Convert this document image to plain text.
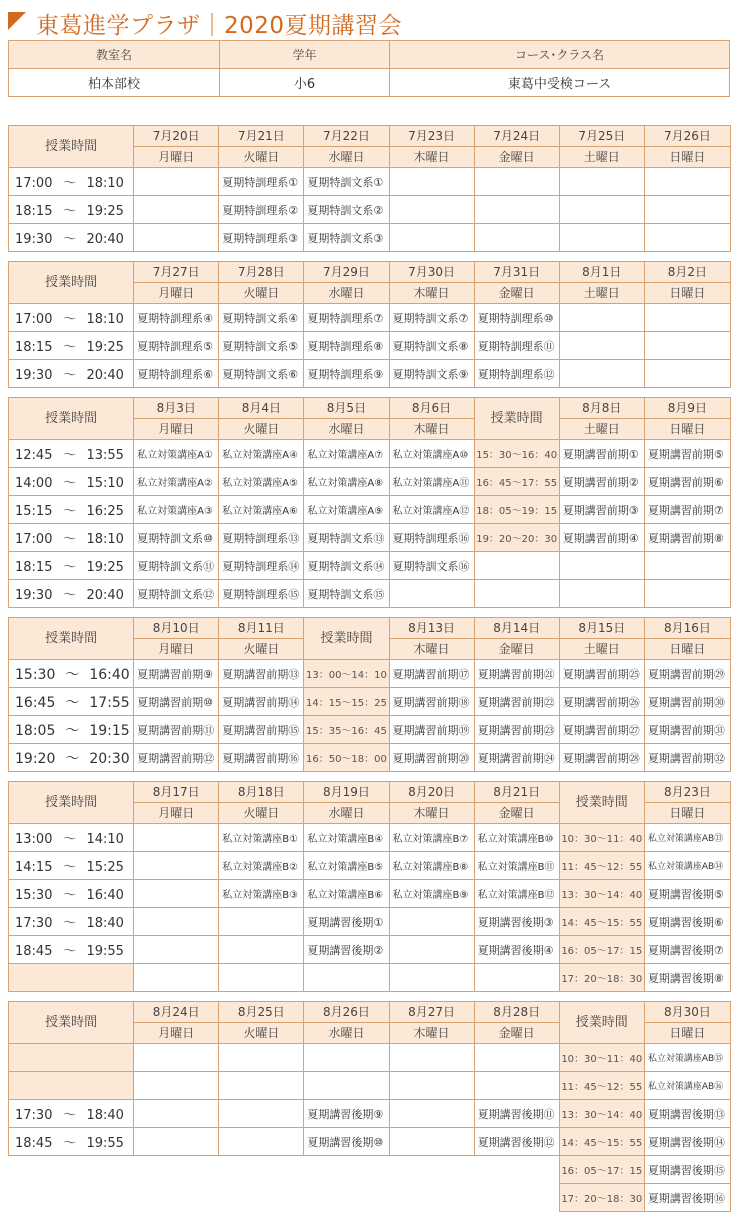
東葛進学プラザ｜2020夏期講習会
教室名	学年	コース･クラス名
柏本部校	小6	東葛中受検コース
授業時間	7月20日	7月21日	7月22日	7月23日	7月24日	7月25日	7月26日
	月曜日	火曜日	水曜日	木曜日	金曜日	土曜日	日曜日
17:00 ～ 18:10		夏期特訓理系①	夏期特訓文系①				
18:15 ～ 19:25		夏期特訓理系②	夏期特訓文系②				
19:30 ～ 20:40		夏期特訓理系③	夏期特訓文系③				
授業時間	7月27日	7月28日	7月29日	7月30日	7月31日	8月1日	8月2日
	月曜日	火曜日	水曜日	木曜日	金曜日	土曜日	日曜日
17:00 ～ 18:10	夏期特訓理系④	夏期特訓文系④	夏期特訓理系⑦	夏期特訓文系⑦	夏期特訓理系⑩		
18:15 ～ 19:25	夏期特訓理系⑤	夏期特訓文系⑤	夏期特訓理系⑧	夏期特訓文系⑧	夏期特訓理系⑪		
19:30 ～ 20:40	夏期特訓理系⑥	夏期特訓文系⑥	夏期特訓理系⑨	夏期特訓文系⑨	夏期特訓理系⑫		
授業時間	8月3日	8月4日	8月5日	8月6日	授業時間	8月8日	8月9日
	月曜日	火曜日	水曜日	木曜日		土曜日	日曜日
12:45 ～ 13:55	私立対策講座A①	私立対策講座A④	私立対策講座A⑦	私立対策講座A⑩	15：30～16：40	夏期講習前期①	夏期講習前期⑤
14:00 ～ 15:10	私立対策講座A②	私立対策講座A⑤	私立対策講座A⑧	私立対策講座A⑪	16：45～17：55	夏期講習前期②	夏期講習前期⑥
15:15 ～ 16:25	私立対策講座A③	私立対策講座A⑥	私立対策講座A⑨	私立対策講座A⑫	18：05～19：15	夏期講習前期③	夏期講習前期⑦
17:00 ～ 18:10	夏期特訓文系⑩	夏期特訓理系⑬	夏期特訓文系⑬	夏期特訓理系⑯	19：20～20：30	夏期講習前期④	夏期講習前期⑧
18:15 ～ 19:25	夏期特訓文系⑪	夏期特訓理系⑭	夏期特訓文系⑭	夏期特訓文系⑯			
19:30 ～ 20:40	夏期特訓文系⑫	夏期特訓理系⑮	夏期特訓文系⑮				
授業時間	8月10日	8月11日	授業時間	8月13日	8月14日	8月15日	8月16日
	月曜日	火曜日		木曜日	金曜日	土曜日	日曜日
15:30 ～ 16:40	夏期講習前期⑨	夏期講習前期⑬	13：00～14：10	夏期講習前期⑰	夏期講習前期㉑	夏期講習前期㉕	夏期講習前期㉙
16:45 ～ 17:55	夏期講習前期⑩	夏期講習前期⑭	14：15～15：25	夏期講習前期⑱	夏期講習前期㉒	夏期講習前期㉖	夏期講習前期㉚
18:05 ～ 19:15	夏期講習前期⑪	夏期講習前期⑮	15：35～16：45	夏期講習前期⑲	夏期講習前期㉓	夏期講習前期㉗	夏期講習前期㉛
19:20 ～ 20:30	夏期講習前期⑫	夏期講習前期⑯	16：50～18：00	夏期講習前期⑳	夏期講習前期㉔	夏期講習前期㉘	夏期講習前期㉜
授業時間	8月17日	8月18日	8月19日	8月20日	8月21日	授業時間	8月23日
	月曜日	火曜日	水曜日	木曜日	金曜日		日曜日
13:00 ～ 14:10		私立対策講座B①	私立対策講座B④	私立対策講座B⑦	私立対策講座B⑩	10：30～11：40	私立対策講座AB⑬
14:15 ～ 15:25		私立対策講座B②	私立対策講座B⑤	私立対策講座B⑧	私立対策講座B⑪	11：45～12：55	私立対策講座AB⑭
15:30 ～ 16:40		私立対策講座B③	私立対策講座B⑥	私立対策講座B⑨	私立対策講座B⑫	13：30～14：40	夏期講習後期⑤
17:30 ～ 18:40			夏期講習後期①		夏期講習後期③	14：45～15：55	夏期講習後期⑥
18:45 ～ 19:55			夏期講習後期②		夏期講習後期④	16：05～17：15	夏期講習後期⑦
						17：20～18：30	夏期講習後期⑧
授業時間	8月24日	8月25日	8月26日	8月27日	8月28日	授業時間	8月30日
	月曜日	火曜日	水曜日	木曜日	金曜日		日曜日
						10：30～11：40	私立対策講座AB⑮
						11：45～12：55	私立対策講座AB⑯
17:30 ～ 18:40			夏期講習後期⑨		夏期講習後期⑪	13：30～14：40	夏期講習後期⑬
18:45 ～ 19:55			夏期講習後期⑩		夏期講習後期⑫	14：45～15：55	夏期講習後期⑭
						16：05～17：15	夏期講習後期⑮
						17：20～18：30	夏期講習後期⑯
